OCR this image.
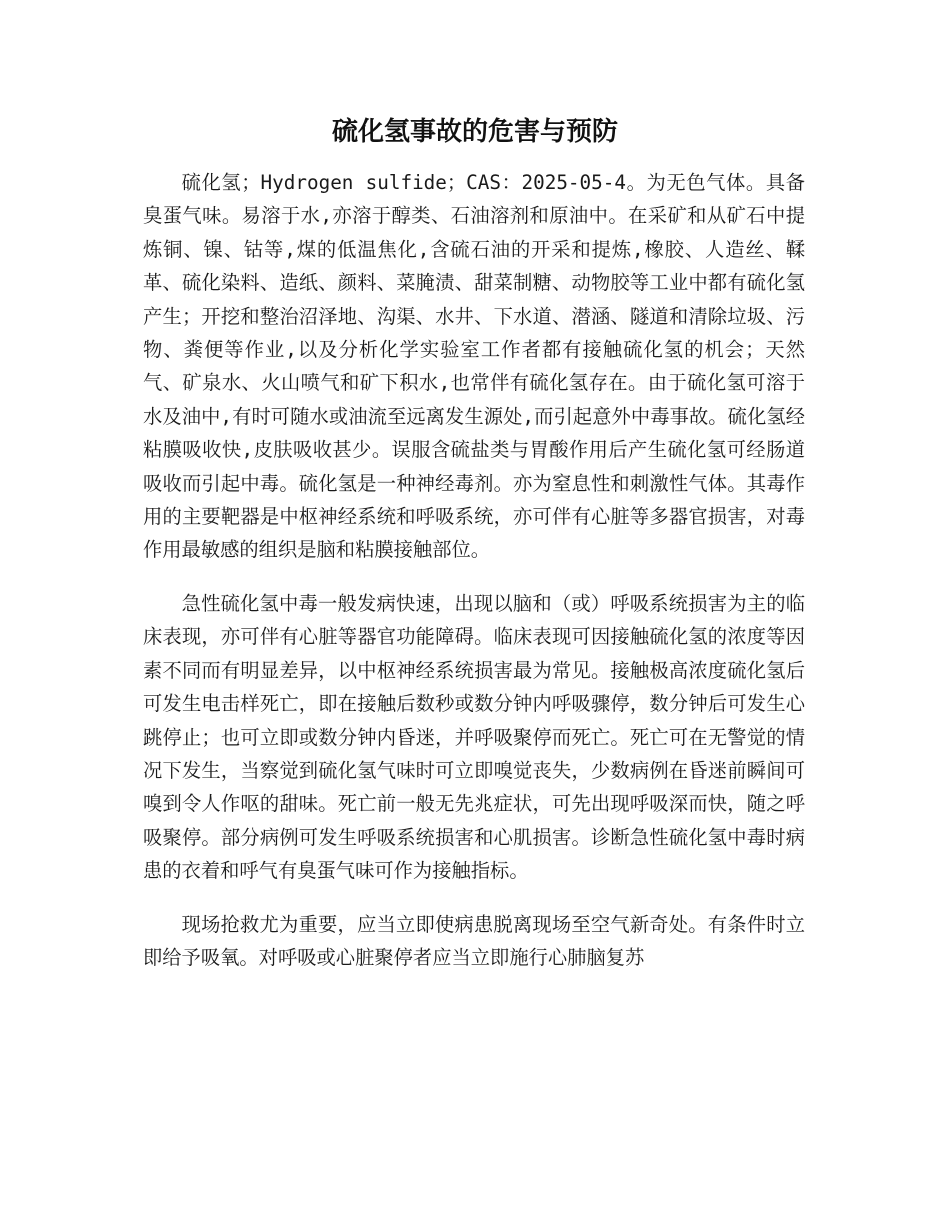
硫化氢事故的危害与预防

硫化氢；Hydrogen sulfide；CAS：2025-05-4。为无色气体。具备臭蛋气味。易溶于水,亦溶于醇类、石油溶剂和原油中。在采矿和从矿石中提炼铜、镍、钴等,煤的低温焦化,含硫石油的开采和提炼,橡胶、人造丝、鞣革、硫化染料、造纸、颜料、菜腌渍、甜菜制糖、动物胶等工业中都有硫化氢产生；开挖和整治沼泽地、沟渠、水井、下水道、潜涵、隧道和清除垃圾、污物、粪便等作业,以及分析化学实验室工作者都有接触硫化氢的机会；天然气、矿泉水、火山喷气和矿下积水,也常伴有硫化氢存在。由于硫化氢可溶于水及油中,有时可随水或油流至远离发生源处,而引起意外中毒事故。硫化氢经粘膜吸收快,皮肤吸收甚少。误服含硫盐类与胃酸作用后产生硫化氢可经肠道吸收而引起中毒。硫化氢是一种神经毒剂。亦为窒息性和刺激性气体。其毒作用的主要靶器是中枢神经系统和呼吸系统，亦可伴有心脏等多器官损害，对毒作用最敏感的组织是脑和粘膜接触部位。

急性硫化氢中毒一般发病快速，出现以脑和（或）呼吸系统损害为主的临床表现，亦可伴有心脏等器官功能障碍。临床表现可因接触硫化氢的浓度等因素不同而有明显差异，以中枢神经系统损害最为常见。接触极高浓度硫化氢后可发生电击样死亡，即在接触后数秒或数分钟内呼吸骤停，数分钟后可发生心跳停止；也可立即或数分钟内昏迷，并呼吸聚停而死亡。死亡可在无警觉的情况下发生，当察觉到硫化氢气味时可立即嗅觉丧失，少数病例在昏迷前瞬间可嗅到令人作呕的甜味。死亡前一般无先兆症状，可先出现呼吸深而快，随之呼吸聚停。部分病例可发生呼吸系统损害和心肌损害。诊断急性硫化氢中毒时病患的衣着和呼气有臭蛋气味可作为接触指标。

现场抢救尤为重要，应当立即使病患脱离现场至空气新奇处。有条件时立即给予吸氧。对呼吸或心脏聚停者应当立即施行心肺脑复苏
